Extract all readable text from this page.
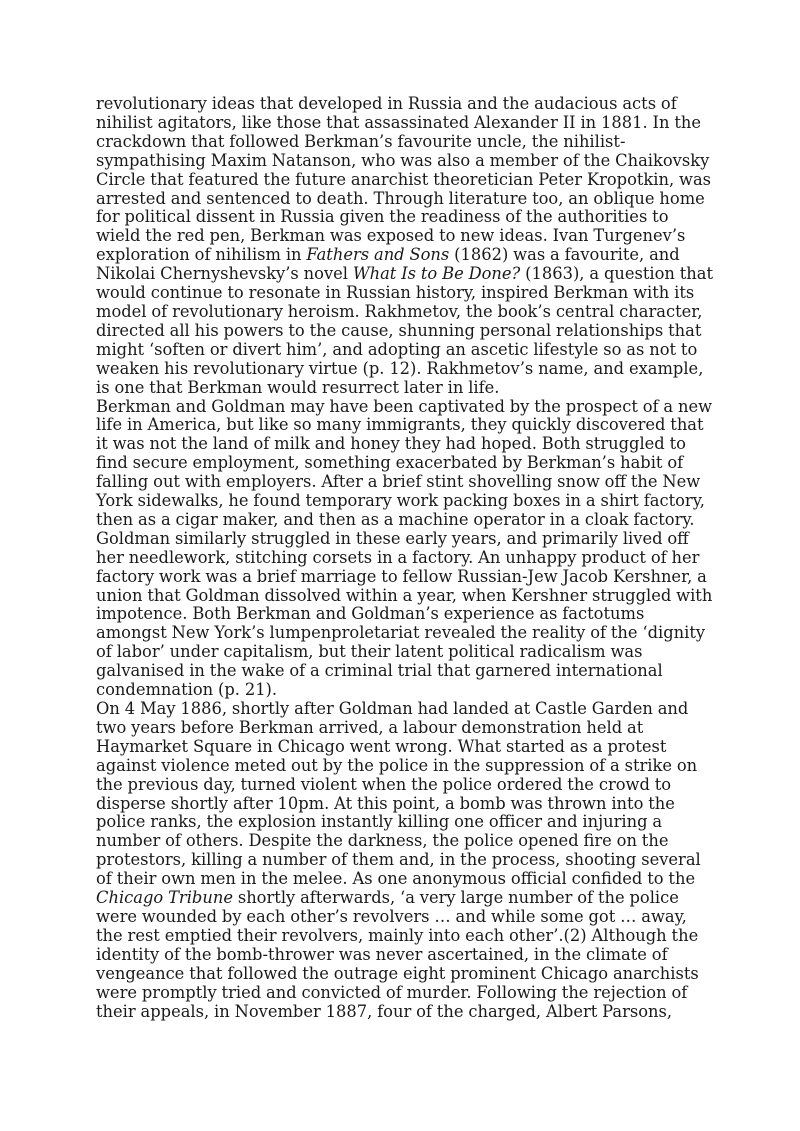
revolutionary ideas that developed in Russia and the audacious acts of nihilist agitators, like those that assassinated Alexander II in 1881. In the crackdown that followed Berkman’s favourite uncle, the nihilist-sympathising Maxim Natanson, who was also a member of the Chaikovsky Circle that featured the future anarchist theoretician Peter Kropotkin, was arrested and sentenced to death. Through literature too, an oblique home for political dissent in Russia given the readiness of the authorities to wield the red pen, Berkman was exposed to new ideas. Ivan Turgenev’s exploration of nihilism in Fathers and Sons (1862) was a favourite, and Nikolai Chernyshevsky’s novel What Is to Be Done? (1863), a question that would continue to resonate in Russian history, inspired Berkman with its model of revolutionary heroism. Rakhmetov, the book’s central character, directed all his powers to the cause, shunning personal relationships that might ‘soften or divert him’, and adopting an ascetic lifestyle so as not to weaken his revolutionary virtue (p. 12). Rakhmetov’s name, and example, is one that Berkman would resurrect later in life.

Berkman and Goldman may have been captivated by the prospect of a new life in America, but like so many immigrants, they quickly discovered that it was not the land of milk and honey they had hoped. Both struggled to find secure employment, something exacerbated by Berkman’s habit of falling out with employers. After a brief stint shovelling snow off the New York sidewalks, he found temporary work packing boxes in a shirt factory, then as a cigar maker, and then as a machine operator in a cloak factory. Goldman similarly struggled in these early years, and primarily lived off her needlework, stitching corsets in a factory. An unhappy product of her factory work was a brief marriage to fellow Russian-Jew Jacob Kershner, a union that Goldman dissolved within a year, when Kershner struggled with impotence. Both Berkman and Goldman’s experience as factotums amongst New York’s lumpenproletariat revealed the reality of the ‘dignity of labor’ under capitalism, but their latent political radicalism was galvanised in the wake of a criminal trial that garnered international condemnation (p. 21).

On 4 May 1886, shortly after Goldman had landed at Castle Garden and two years before Berkman arrived, a labour demonstration held at Haymarket Square in Chicago went wrong. What started as a protest against violence meted out by the police in the suppression of a strike on the previous day, turned violent when the police ordered the crowd to disperse shortly after 10pm. At this point, a bomb was thrown into the police ranks, the explosion instantly killing one officer and injuring a number of others. Despite the darkness, the police opened fire on the protestors, killing a number of them and, in the process, shooting several of their own men in the melee. As one anonymous official confided to the Chicago Tribune shortly afterwards, ‘a very large number of the police were wounded by each other’s revolvers … and while some got … away, the rest emptied their revolvers, mainly into each other’.(2) Although the identity of the bomb-thrower was never ascertained, in the climate of vengeance that followed the outrage eight prominent Chicago anarchists were promptly tried and convicted of murder. Following the rejection of their appeals, in November 1887, four of the charged, Albert Parsons,
